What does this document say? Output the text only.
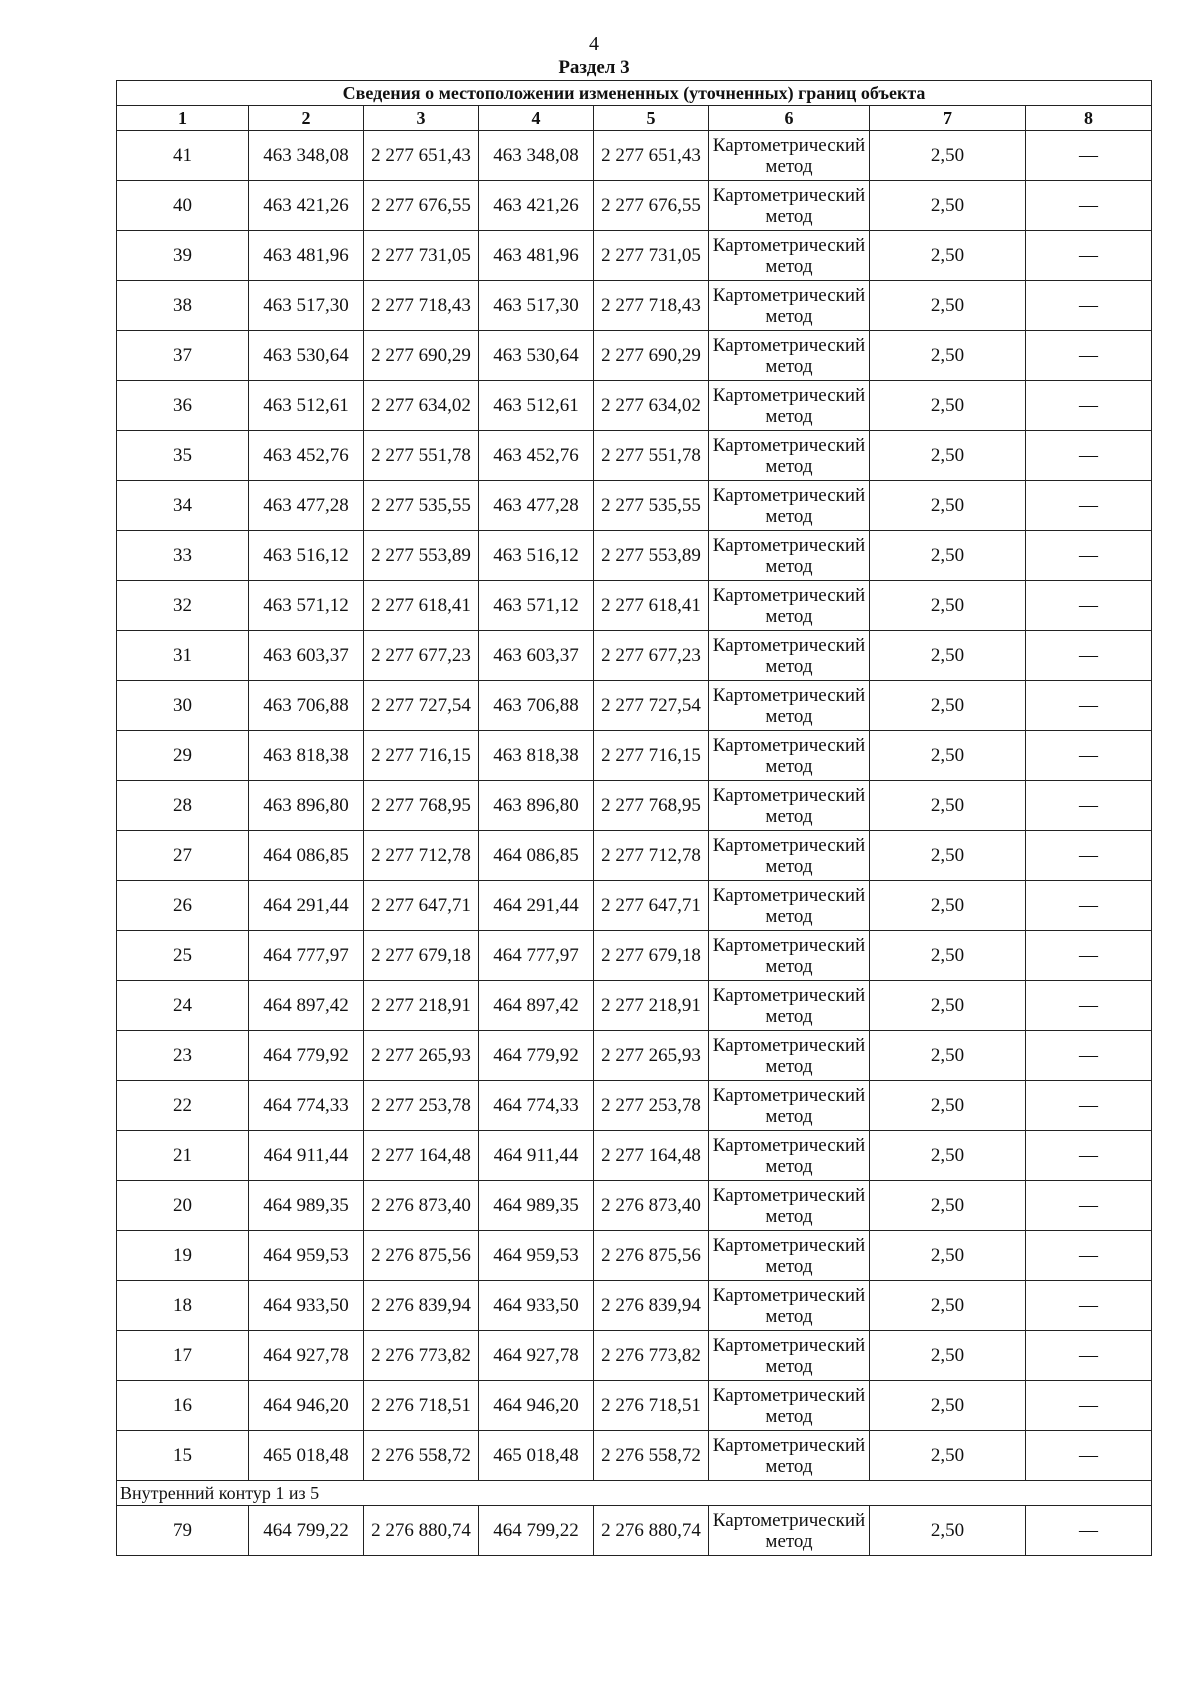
4
Раздел 3
Сведения о местоположении измененных (уточненных) границ объекта							
1	2	3	4	5	6	7	8
41	463 348,08	2 277 651,43	463 348,08	2 277 651,43	Картометрический метод	2,50	—
40	463 421,26	2 277 676,55	463 421,26	2 277 676,55	Картометрический метод	2,50	—
39	463 481,96	2 277 731,05	463 481,96	2 277 731,05	Картометрический метод	2,50	—
38	463 517,30	2 277 718,43	463 517,30	2 277 718,43	Картометрический метод	2,50	—
37	463 530,64	2 277 690,29	463 530,64	2 277 690,29	Картометрический метод	2,50	—
36	463 512,61	2 277 634,02	463 512,61	2 277 634,02	Картометрический метод	2,50	—
35	463 452,76	2 277 551,78	463 452,76	2 277 551,78	Картометрический метод	2,50	—
34	463 477,28	2 277 535,55	463 477,28	2 277 535,55	Картометрический метод	2,50	—
33	463 516,12	2 277 553,89	463 516,12	2 277 553,89	Картометрический метод	2,50	—
32	463 571,12	2 277 618,41	463 571,12	2 277 618,41	Картометрический метод	2,50	—
31	463 603,37	2 277 677,23	463 603,37	2 277 677,23	Картометрический метод	2,50	—
30	463 706,88	2 277 727,54	463 706,88	2 277 727,54	Картометрический метод	2,50	—
29	463 818,38	2 277 716,15	463 818,38	2 277 716,15	Картометрический метод	2,50	—
28	463 896,80	2 277 768,95	463 896,80	2 277 768,95	Картометрический метод	2,50	—
27	464 086,85	2 277 712,78	464 086,85	2 277 712,78	Картометрический метод	2,50	—
26	464 291,44	2 277 647,71	464 291,44	2 277 647,71	Картометрический метод	2,50	—
25	464 777,97	2 277 679,18	464 777,97	2 277 679,18	Картометрический метод	2,50	—
24	464 897,42	2 277 218,91	464 897,42	2 277 218,91	Картометрический метод	2,50	—
23	464 779,92	2 277 265,93	464 779,92	2 277 265,93	Картометрический метод	2,50	—
22	464 774,33	2 277 253,78	464 774,33	2 277 253,78	Картометрический метод	2,50	—
21	464 911,44	2 277 164,48	464 911,44	2 277 164,48	Картометрический метод	2,50	—
20	464 989,35	2 276 873,40	464 989,35	2 276 873,40	Картометрический метод	2,50	—
19	464 959,53	2 276 875,56	464 959,53	2 276 875,56	Картометрический метод	2,50	—
18	464 933,50	2 276 839,94	464 933,50	2 276 839,94	Картометрический метод	2,50	—
17	464 927,78	2 276 773,82	464 927,78	2 276 773,82	Картометрический метод	2,50	—
16	464 946,20	2 276 718,51	464 946,20	2 276 718,51	Картометрический метод	2,50	—
15	465 018,48	2 276 558,72	465 018,48	2 276 558,72	Картометрический метод	2,50	—
Внутренний контур 1 из 5							
79	464 799,22	2 276 880,74	464 799,22	2 276 880,74	Картометрический метод	2,50	—
